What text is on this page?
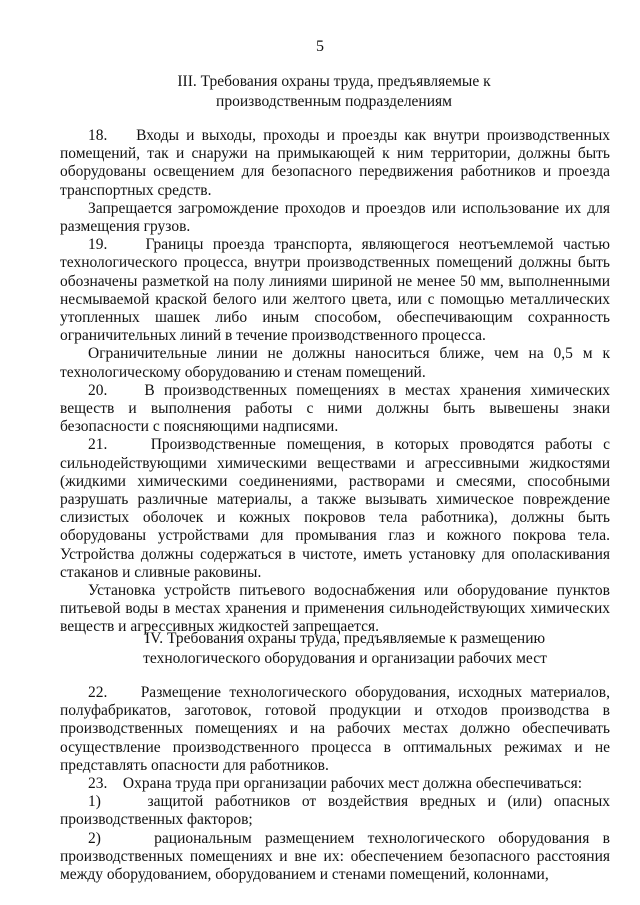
5
III. Требования охраны труда, предъявляемые к
производственным подразделениям

18.    Входы и выходы, проходы и проезды как внутри производственных помещений, так и снаружи на примыкающей к ним территории, должны быть оборудованы освещением для безопасного передвижения работников и проезда транспортных средств.

Запрещается загромождение проходов и проездов или использование их для размещения грузов.

19.    Границы проезда транспорта, являющегося неотъемлемой частью технологического процесса, внутри производственных помещений должны быть обозначены разметкой на полу линиями шириной не менее 50 мм, выполненными несмываемой краской белого или желтого цвета, или с помощью металлических утопленных шашек либо иным способом, обеспечивающим сохранность ограничительных линий в течение производственного процесса.

Ограничительные линии не должны наноситься ближе, чем на 0,5 м к технологическому оборудованию и стенам помещений.

20.    В производственных помещениях в местах хранения химических веществ и выполнения работы с ними должны быть вывешены знаки безопасности с поясняющими надписями.

21.    Производственные помещения, в которых проводятся работы с сильнодействующими химическими веществами и агрессивными жидкостями (жидкими химическими соединениями, растворами и смесями, способными разрушать различные материалы, а также вызывать химическое повреждение слизистых оболочек и кожных покровов тела работника), должны быть оборудованы устройствами для промывания глаз и кожного покрова тела. Устройства должны содержаться в чистоте, иметь установку для ополаскивания стаканов и сливные раковины.

Установка устройств питьевого водоснабжения или оборудование пунктов питьевой воды в местах хранения и применения сильнодействующих химических веществ и агрессивных жидкостей запрещается.

IV. Требования охраны труда, предъявляемые к размещению
технологического оборудования и организации рабочих мест

22.    Размещение технологического оборудования, исходных материалов, полуфабрикатов, заготовок, готовой продукции и отходов производства в производственных помещениях и на рабочих местах должно обеспечивать осуществление производственного процесса в оптимальных режимах и не представлять опасности для работников.

23.    Охрана труда при организации рабочих мест должна обеспечиваться:

1)    защитой работников от воздействия вредных и (или) опасных производственных факторов;

2)    рациональным размещением технологического оборудования в производственных помещениях и вне их: обеспечением безопасного расстояния между оборудованием, оборудованием и стенами помещений, колоннами,
